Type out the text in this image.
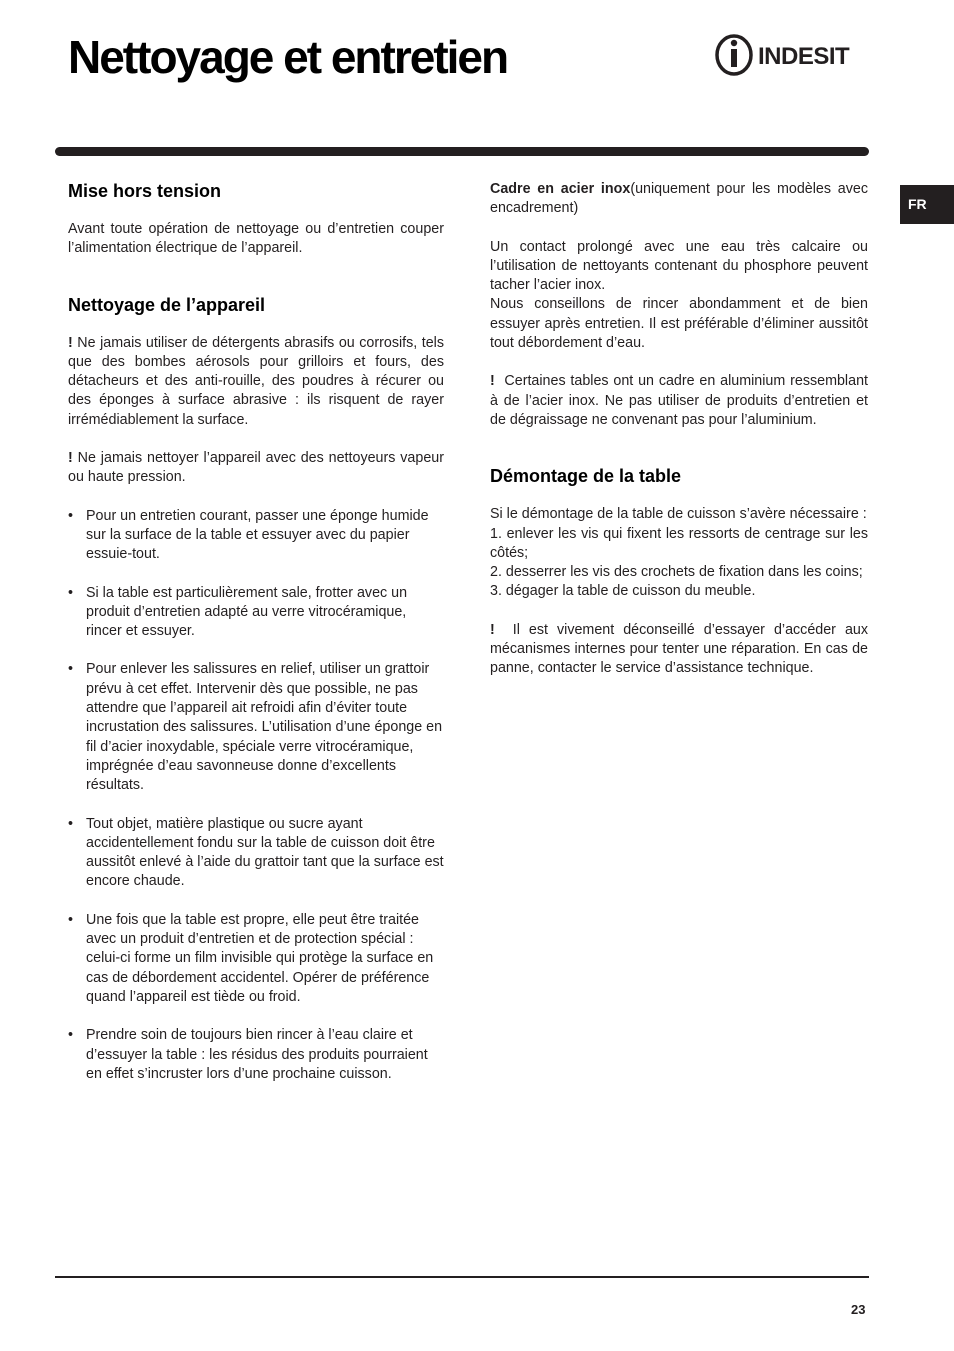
Nettoyage et entretien	INDESIT
FR
Mise hors tension

Avant toute opération de nettoyage ou d’entretien couper l’alimentation électrique de l’appareil.

Nettoyage de l’appareil

! Ne jamais utiliser de détergents abrasifs ou corrosifs, tels que des bombes aérosols pour grilloirs et fours, des détacheurs et des anti-rouille, des poudres à récurer ou des éponges à surface abrasive : ils risquent de rayer irrémédiablement la surface.

! Ne jamais nettoyer l’appareil avec des nettoyeurs vapeur ou haute pression.

• Pour un entretien courant, passer une éponge humide sur la surface de la table et essuyer avec du papier essuie-tout.

• Si la table est particulièrement sale, frotter avec un produit d’entretien adapté au verre vitrocéramique, rincer et essuyer.

• Pour enlever les salissures en relief, utiliser un grattoir prévu à cet effet. Intervenir dès que possible, ne pas attendre que l’appareil ait refroidi afin d’éviter toute incrustation des salissures. L’utilisation d’une éponge en fil d’acier inoxydable, spéciale verre vitrocéramique, imprégnée d’eau savonneuse donne d’excellents résultats.

• Tout objet, matière plastique ou sucre ayant accidentellement fondu sur la table de cuisson doit être aussitôt enlevé à l’aide du grattoir tant que la surface est encore chaude.

• Une fois que la table est propre, elle peut être traitée avec un produit d’entretien et de protection spécial : celui-ci forme un film invisible qui protège la surface en cas de débordement accidentel. Opérer de préférence quand l’appareil est tiède ou froid.

• Prendre soin de toujours bien rincer à l’eau claire et d’essuyer la table : les résidus des produits pourraient en effet s’incruster lors d’une prochaine cuisson.

Cadre en acier inox(uniquement pour les modèles avec encadrement)

Un contact prolongé avec une eau très calcaire ou l’utilisation de nettoyants contenant du phosphore peuvent tacher l’acier inox.

Nous conseillons de rincer abondamment et de bien essuyer après entretien. Il est préférable d’éliminer aussitôt tout débordement d’eau.

! Certaines tables ont un cadre en aluminium ressemblant à de l’acier inox. Ne pas utiliser de produits d’entretien et de dégraissage ne convenant pas pour l’aluminium.

Démontage de la table

Si le démontage de la table de cuisson s’avère nécessaire :

1. enlever les vis qui fixent les ressorts de centrage sur les côtés;

2. desserrer les vis des crochets de fixation dans les coins;

3. dégager la table de cuisson du meuble.

! Il est vivement déconseillé d’essayer d’accéder aux mécanismes internes pour tenter une réparation. En cas de panne, contacter le service d’assistance technique.

23
